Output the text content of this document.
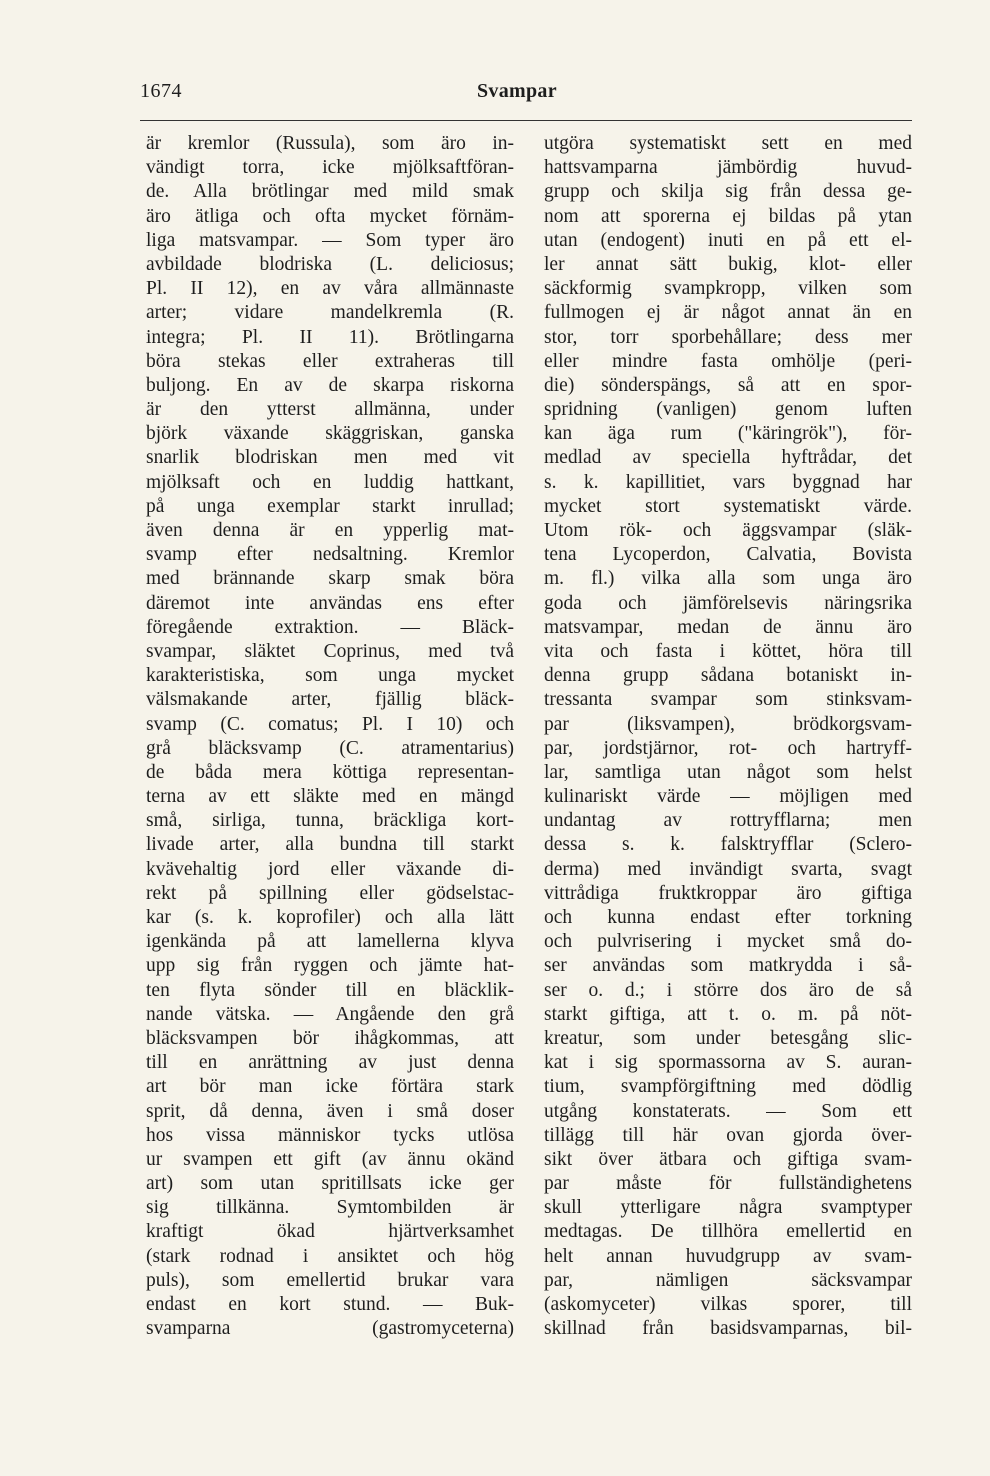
1674	Svampar
är kremlor (Russula), som äro in-
vändigt torra, icke mjölksaftföran-
de. Alla brötlingar med mild smak
äro ätliga och ofta mycket förnäm-
liga matsvampar. — Som typer äro
avbildade blodriska (L. deliciosus;
Pl. II 12), en av våra allmännaste
arter; vidare mandelkremla (R.
integra; Pl. II 11). Brötlingarna
böra stekas eller extraheras till
buljong. En av de skarpa riskorna
är den ytterst allmänna, under
björk växande skäggriskan, ganska
snarlik blodriskan men med vit
mjölksaft och en luddig hattkant,
på unga exemplar starkt inrullad;
även denna är en ypperlig mat-
svamp efter nedsaltning. Kremlor
med brännande skarp smak böra
däremot inte användas ens efter
föregående extraktion. — Bläck-
svampar, släktet Coprinus, med två
karakteristiska, som unga mycket
välsmakande arter, fjällig bläck-
svamp (C. comatus; Pl. I 10) och
grå bläcksvamp (C. atramentarius)
de båda mera köttiga representan-
terna av ett släkte med en mängd
små, sirliga, tunna, bräckliga kort-
livade arter, alla bundna till starkt
kvävehaltig jord eller växande di-
rekt på spillning eller gödselstac-
kar (s. k. koprofiler) och alla lätt
igenkända på att lamellerna klyva
upp sig från ryggen och jämte hat-
ten flyta sönder till en bläcklik-
nande vätska. — Angående den grå
bläcksvampen bör ihågkommas, att
till en anrättning av just denna
art bör man icke förtära stark
sprit, då denna, även i små doser
hos vissa människor tycks utlösa
ur svampen ett gift (av ännu okänd
art) som utan spritillsats icke ger
sig tillkänna. Symtombilden är
kraftigt ökad hjärtverksamhet
(stark rodnad i ansiktet och hög
puls), som emellertid brukar vara
endast en kort stund. — Buk-
svamparna (gastromyceterna)
utgöra systematiskt sett en med
hattsvamparna jämbördig huvud-
grupp och skilja sig från dessa ge-
nom att sporerna ej bildas på ytan
utan (endogent) inuti en på ett el-
ler annat sätt bukig, klot- eller
säckformig svampkropp, vilken som
fullmogen ej är något annat än en
stor, torr sporbehållare; dess mer
eller mindre fasta omhölje (peri-
die) sönderspängs, så att en spor-
spridning (vanligen) genom luften
kan äga rum ("käringrök"), för-
medlad av speciella hyftrådar, det
s. k. kapillitiet, vars byggnad har
mycket stort systematiskt värde.
Utom rök- och äggsvampar (släk-
tena Lycoperdon, Calvatia, Bovista
m. fl.) vilka alla som unga äro
goda och jämförelsevis näringsrika
matsvampar, medan de ännu äro
vita och fasta i köttet, höra till
denna grupp sådana botaniskt in-
tressanta svampar som stinksvam-
par (liksvampen), brödkorgsvam-
par, jordstjärnor, rot- och hartryff-
lar, samtliga utan något som helst
kulinariskt värde — möjligen med
undantag av rottryfflarna; men
dessa s. k. falsktryfflar (Sclero-
derma) med invändigt svarta, svagt
vittrådiga fruktkroppar äro giftiga
och kunna endast efter torkning
och pulvrisering i mycket små do-
ser användas som matkrydda i så-
ser o. d.; i större dos äro de så
starkt giftiga, att t. o. m. på nöt-
kreatur, som under betesgång slic-
kat i sig spormassorna av S. auran-
tium, svampförgiftning med dödlig
utgång konstaterats. — Som ett
tillägg till här ovan gjorda över-
sikt över ätbara och giftiga svam-
par måste för fullständighetens
skull ytterligare några svamptyper
medtagas. De tillhöra emellertid en
helt annan huvudgrupp av svam-
par, nämligen säcksvampar
(askomyceter) vilkas sporer, till
skillnad från basidsvamparnas, bil-
